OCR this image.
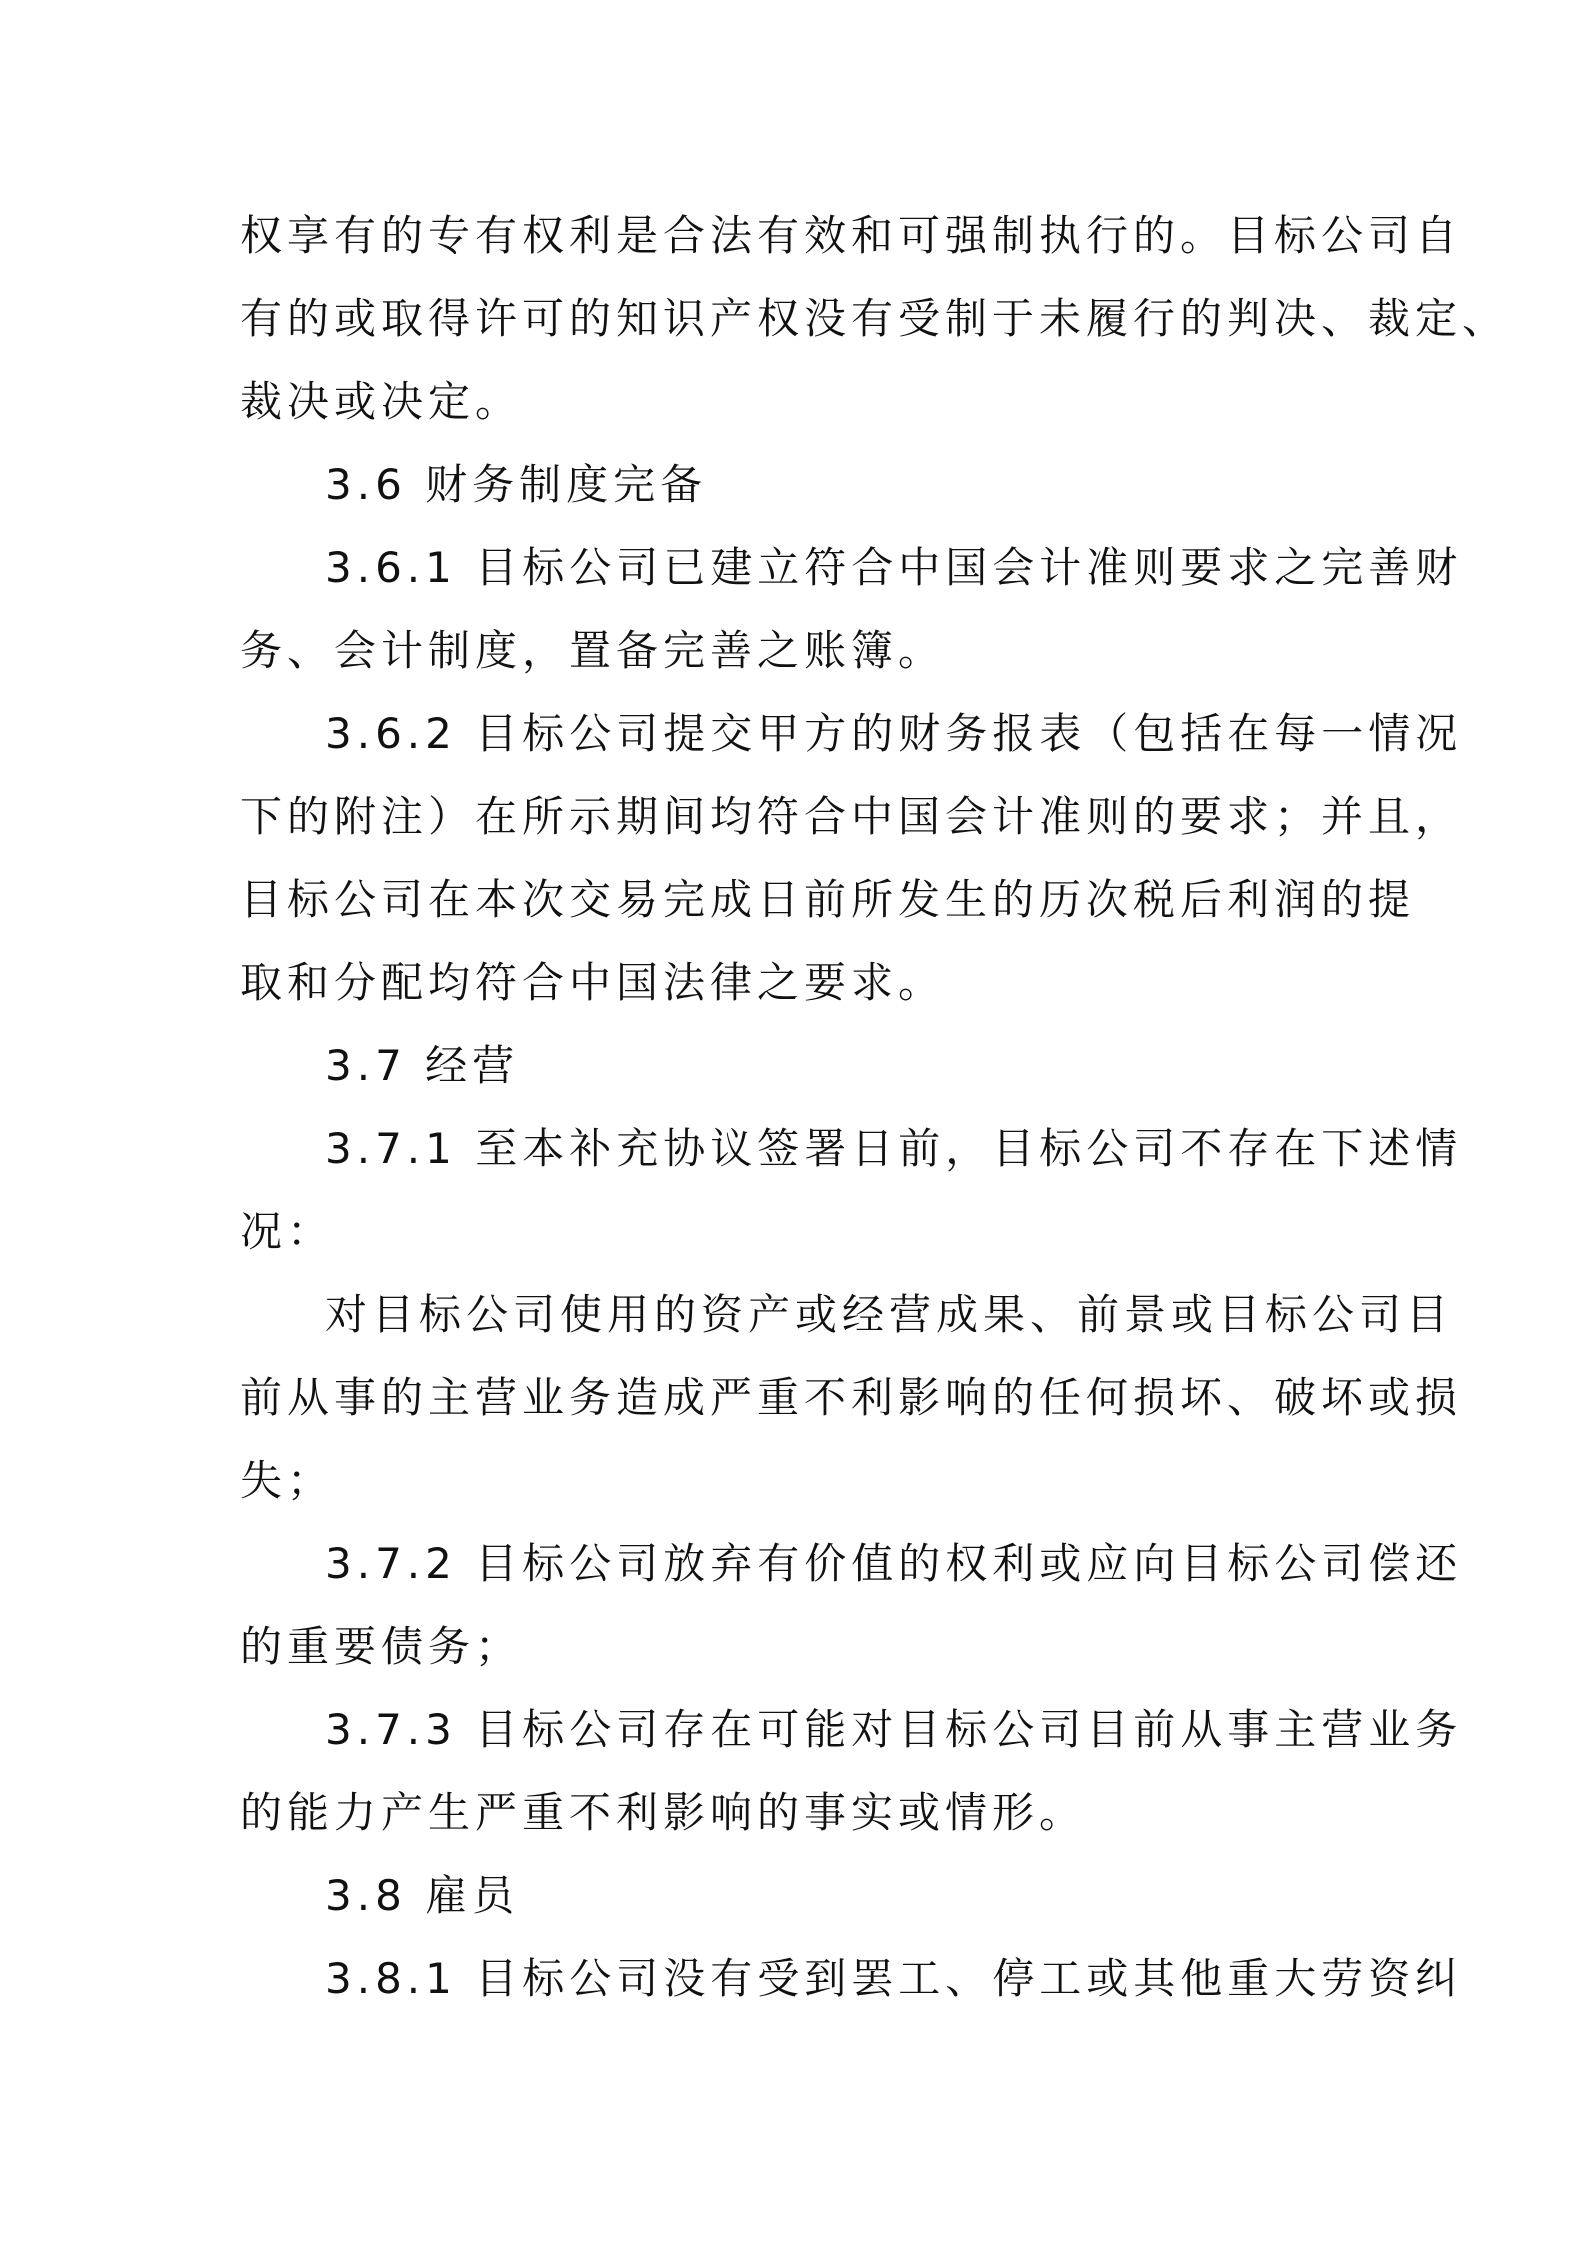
权享有的专有权利是合法有效和可强制执行的。目标公司自
有的或取得许可的知识产权没有受制于未履行的判决、裁定、
裁决或决定。
3.6 财务制度完备
3.6.1 目标公司已建立符合中国会计准则要求之完善财
务、会计制度，置备完善之账簿。
3.6.2 目标公司提交甲方的财务报表（包括在每一情况
下的附注）在所示期间均符合中国会计准则的要求；并且，
目标公司在本次交易完成日前所发生的历次税后利润的提
取和分配均符合中国法律之要求。
3.7 经营
3.7.1 至本补充协议签署日前，目标公司不存在下述情
况：
对目标公司使用的资产或经营成果、前景或目标公司目
前从事的主营业务造成严重不利影响的任何损坏、破坏或损
失；
3.7.2 目标公司放弃有价值的权利或应向目标公司偿还
的重要债务；
3.7.3 目标公司存在可能对目标公司目前从事主营业务
的能力产生严重不利影响的事实或情形。
3.8 雇员
3.8.1 目标公司没有受到罢工、停工或其他重大劳资纠
